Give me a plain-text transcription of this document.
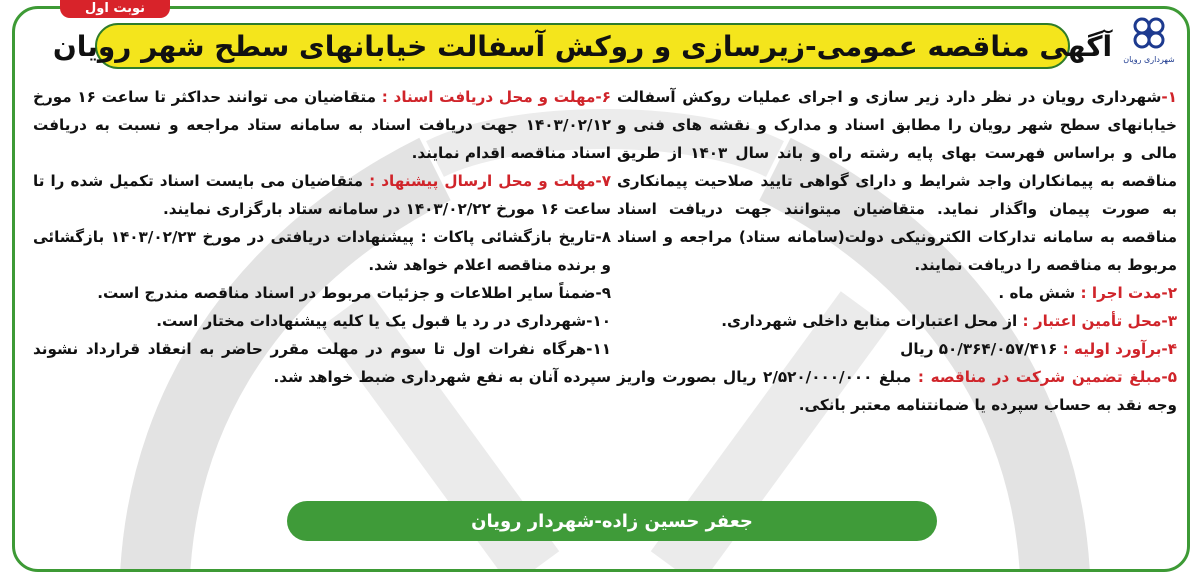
آگهی مناقصه عمومی-زیرسازی و روکش آسفالت خیابانهای سطح شهر رویان شهرداری رویان

۱-شهرداری رویان در نظر دارد زیر سازی و اجرای عملیات روکش آسفالت خیابانهای سطح شهر رویان را مطابق اسناد و مدارک و نقشه های فنی و مالی و براساس فهرست بهای پایه رشته راه و باند سال ۱۴۰۳ از طریق مناقصه به پیمانکاران واجد شرایط و دارای گواهی تایید صلاحیت پیمانکاری به صورت پیمان واگذار نماید. متقاضیان میتوانند جهت دریافت اسناد مناقصه به سامانه تدارکات الکترونیکی دولت(سامانه ستاد) مراجعه و اسناد مربوط به مناقصه را دریافت نمایند.

۲-مدت اجرا : شش ماه .

۳-محل تأمین اعتبار : از محل اعتبارات منابع داخلی شهرداری.

۴-برآورد اولیه : ۵۰/۳۶۴/۰۵۷/۴۱۶ ریال

۵-مبلغ تضمین شرکت در مناقصه : مبلغ ۲/۵۲۰/۰۰۰/۰۰۰ ریال بصورت واریز وجه نقد به حساب سپرده یا ضمانتنامه معتبر بانکی.

۶-مهلت و محل دریافت اسناد : متقاضیان می توانند حداکثر تا ساعت ۱۶ مورخ ۱۴۰۳/۰۲/۱۲ جهت دریافت اسناد به سامانه ستاد مراجعه و نسبت به دریافت اسناد مناقصه اقدام نمایند.

۷-مهلت و محل ارسال پیشنهاد : متقاضیان می بایست اسناد تکمیل شده را تا ساعت ۱۶ مورخ ۱۴۰۳/۰۲/۲۲ در سامانه ستاد بارگزاری نمایند.

۸-تاریخ بازگشائی پاکات : پیشنهادات دریافتی در مورخ ۱۴۰۳/۰۲/۲۳ بازگشائی و برنده مناقصه اعلام خواهد شد.

۹-ضمناً سایر اطلاعات و جزئیات مربوط در اسناد مناقصه مندرج است.

۱۰-شهرداری در رد یا قبول یک یا کلیه پیشنهادات مختار است.

۱۱-هرگاه نفرات اول تا سوم در مهلت مقرر حاضر به انعقاد قرارداد نشوند سپرده آنان به نفع شهرداری ضبط خواهد شد.

جعفر حسین زاده-شهردار رویان
نوبت اول
